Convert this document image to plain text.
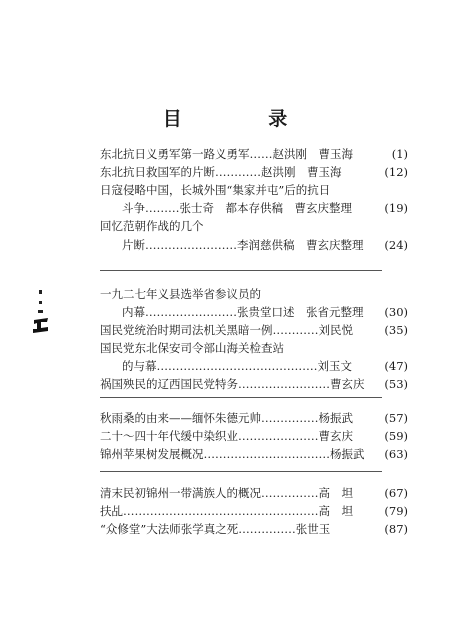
目 录
东北抗日义勇军第一路义勇军……赵洪刚　曹玉海	(1)
东北抗日救国军的片断…………赵洪刚　曹玉海	(12)
日寇侵略中国，长城外围“集家并屯”后的抗日
斗争………张士奇　都本存供稿　曹玄庆整理	(19)
回忆范朝作战的几个
片断……………………李润慈供稿　曹玄庆整理 (24)
一九二七年义县选举省参议员的
内幕……………………张贵堂口述　张省元整理 (30)
国民党统治时期司法机关黑暗一例…………刘民悦	(35)
国民党东北保安司令部山海关检查站
的与幕……………………………………刘玉文	(47)
祸国殃民的辽西国民党特务……………………曹玄庆 (53)
秋雨桑的由来——缅怀朱德元帅……………杨振武	(57)
二十～四十年代缓中染织业…………………曹玄庆	(59)
锦州苹果树发展概况……………………………杨振武 (63)
清末民初锦州一带满族人的概况……………高　坦	(67)
扶乩……………………………………………高　坦	(79)
“众修堂”大法师张学真之死……………张世玉	(87)
